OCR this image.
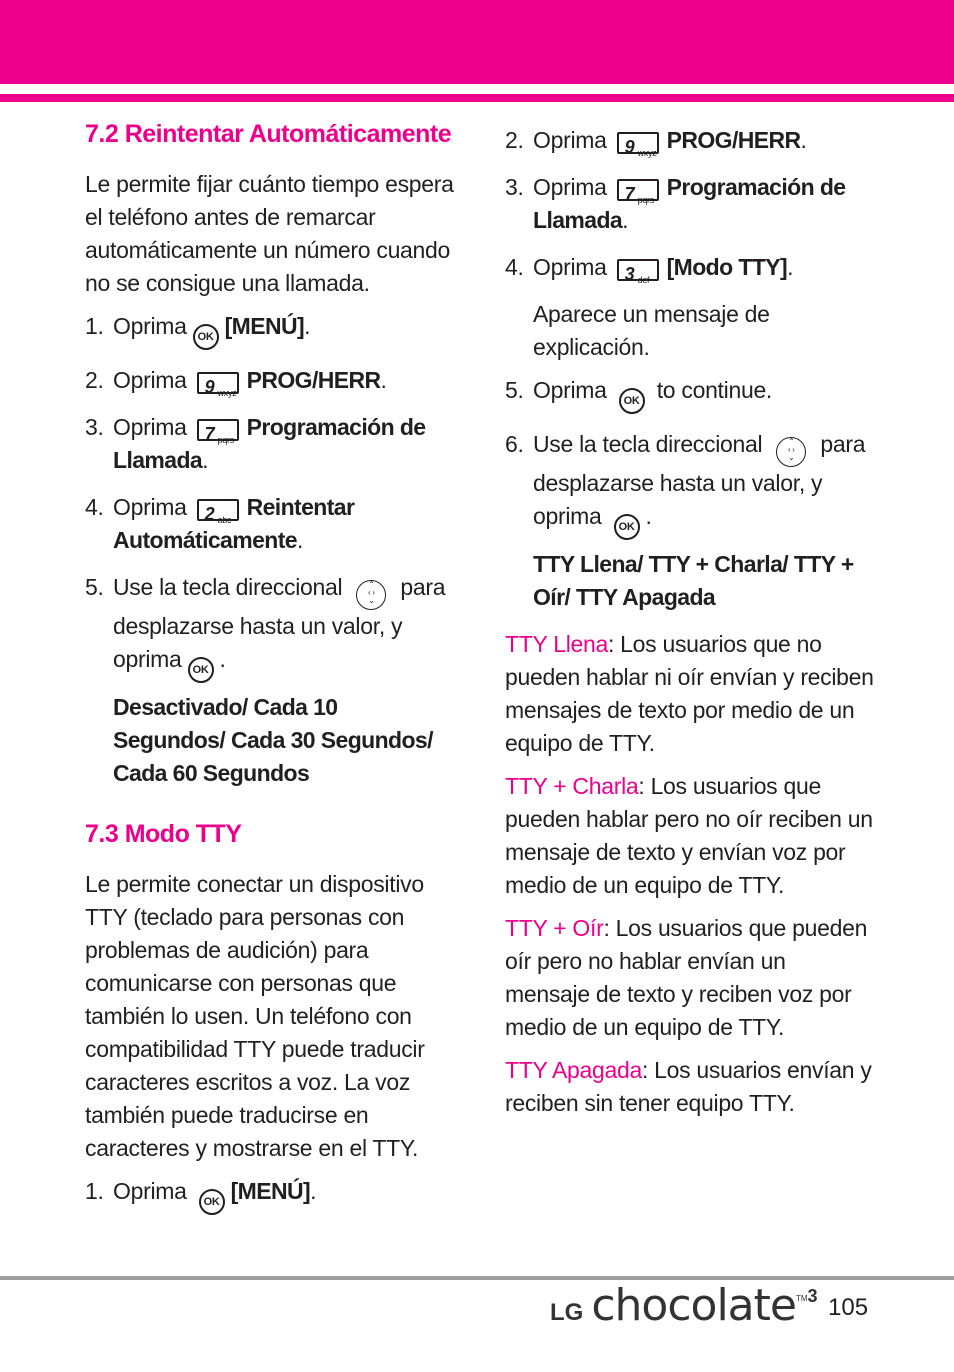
7.2 Reintentar Automáticamente

Le permite fijar cuánto tiempo espera el teléfono antes de remarcar automáticamente un número cuando no se consigue una llamada.

1. Oprima OK [MENÚ].
2. Oprima 9 wxyz PROG/HERR.
3. Oprima 7 pqrs Programación de Llamada.
4. Oprima 2 abc Reintentar Automáticamente.
5. Use la tecla direccional	⌃
‹ ›
⌄ para desplazarse hasta un valor, y oprima OK .

Desactivado/ Cada 10 Segundos/ Cada 30 Segundos/ Cada 60 Segundos

7.3 Modo TTY

Le permite conectar un dispositivo TTY (teclado para personas con problemas de audición) para comunicarse con personas que también lo usen. Un teléfono con compatibilidad TTY puede traducir caracteres escritos a voz. La voz también puede traducirse en caracteres y mostrarse en el TTY.

1. Oprima OK [MENÚ].
2. Oprima 9 wxyz PROG/HERR.
3. Oprima 7 pqrs Programación de Llamada.
4. Oprima 3 def [Modo TTY].

Aparece un mensaje de explicación.

5. Oprima OK to continue.
6. Use la tecla direccional	⌃
‹ ›
⌄ para desplazarse hasta un valor, y oprima OK .

TTY Llena/ TTY + Charla/ TTY + Oír/ TTY Apagada

TTY Llena: Los usuarios que no pueden hablar ni oír envían y reciben mensajes de texto por medio de un equipo de TTY.

TTY + Charla: Los usuarios que pueden hablar pero no oír reciben un mensaje de texto y envían voz por medio de un equipo de TTY.

TTY + Oír: Los usuarios que pueden oír pero no hablar envían un mensaje de texto y reciben voz por medio de un equipo de TTY.

TTY Apagada: Los usuarios envían y reciben sin tener equipo TTY.

LG chocolate TM 3 105
